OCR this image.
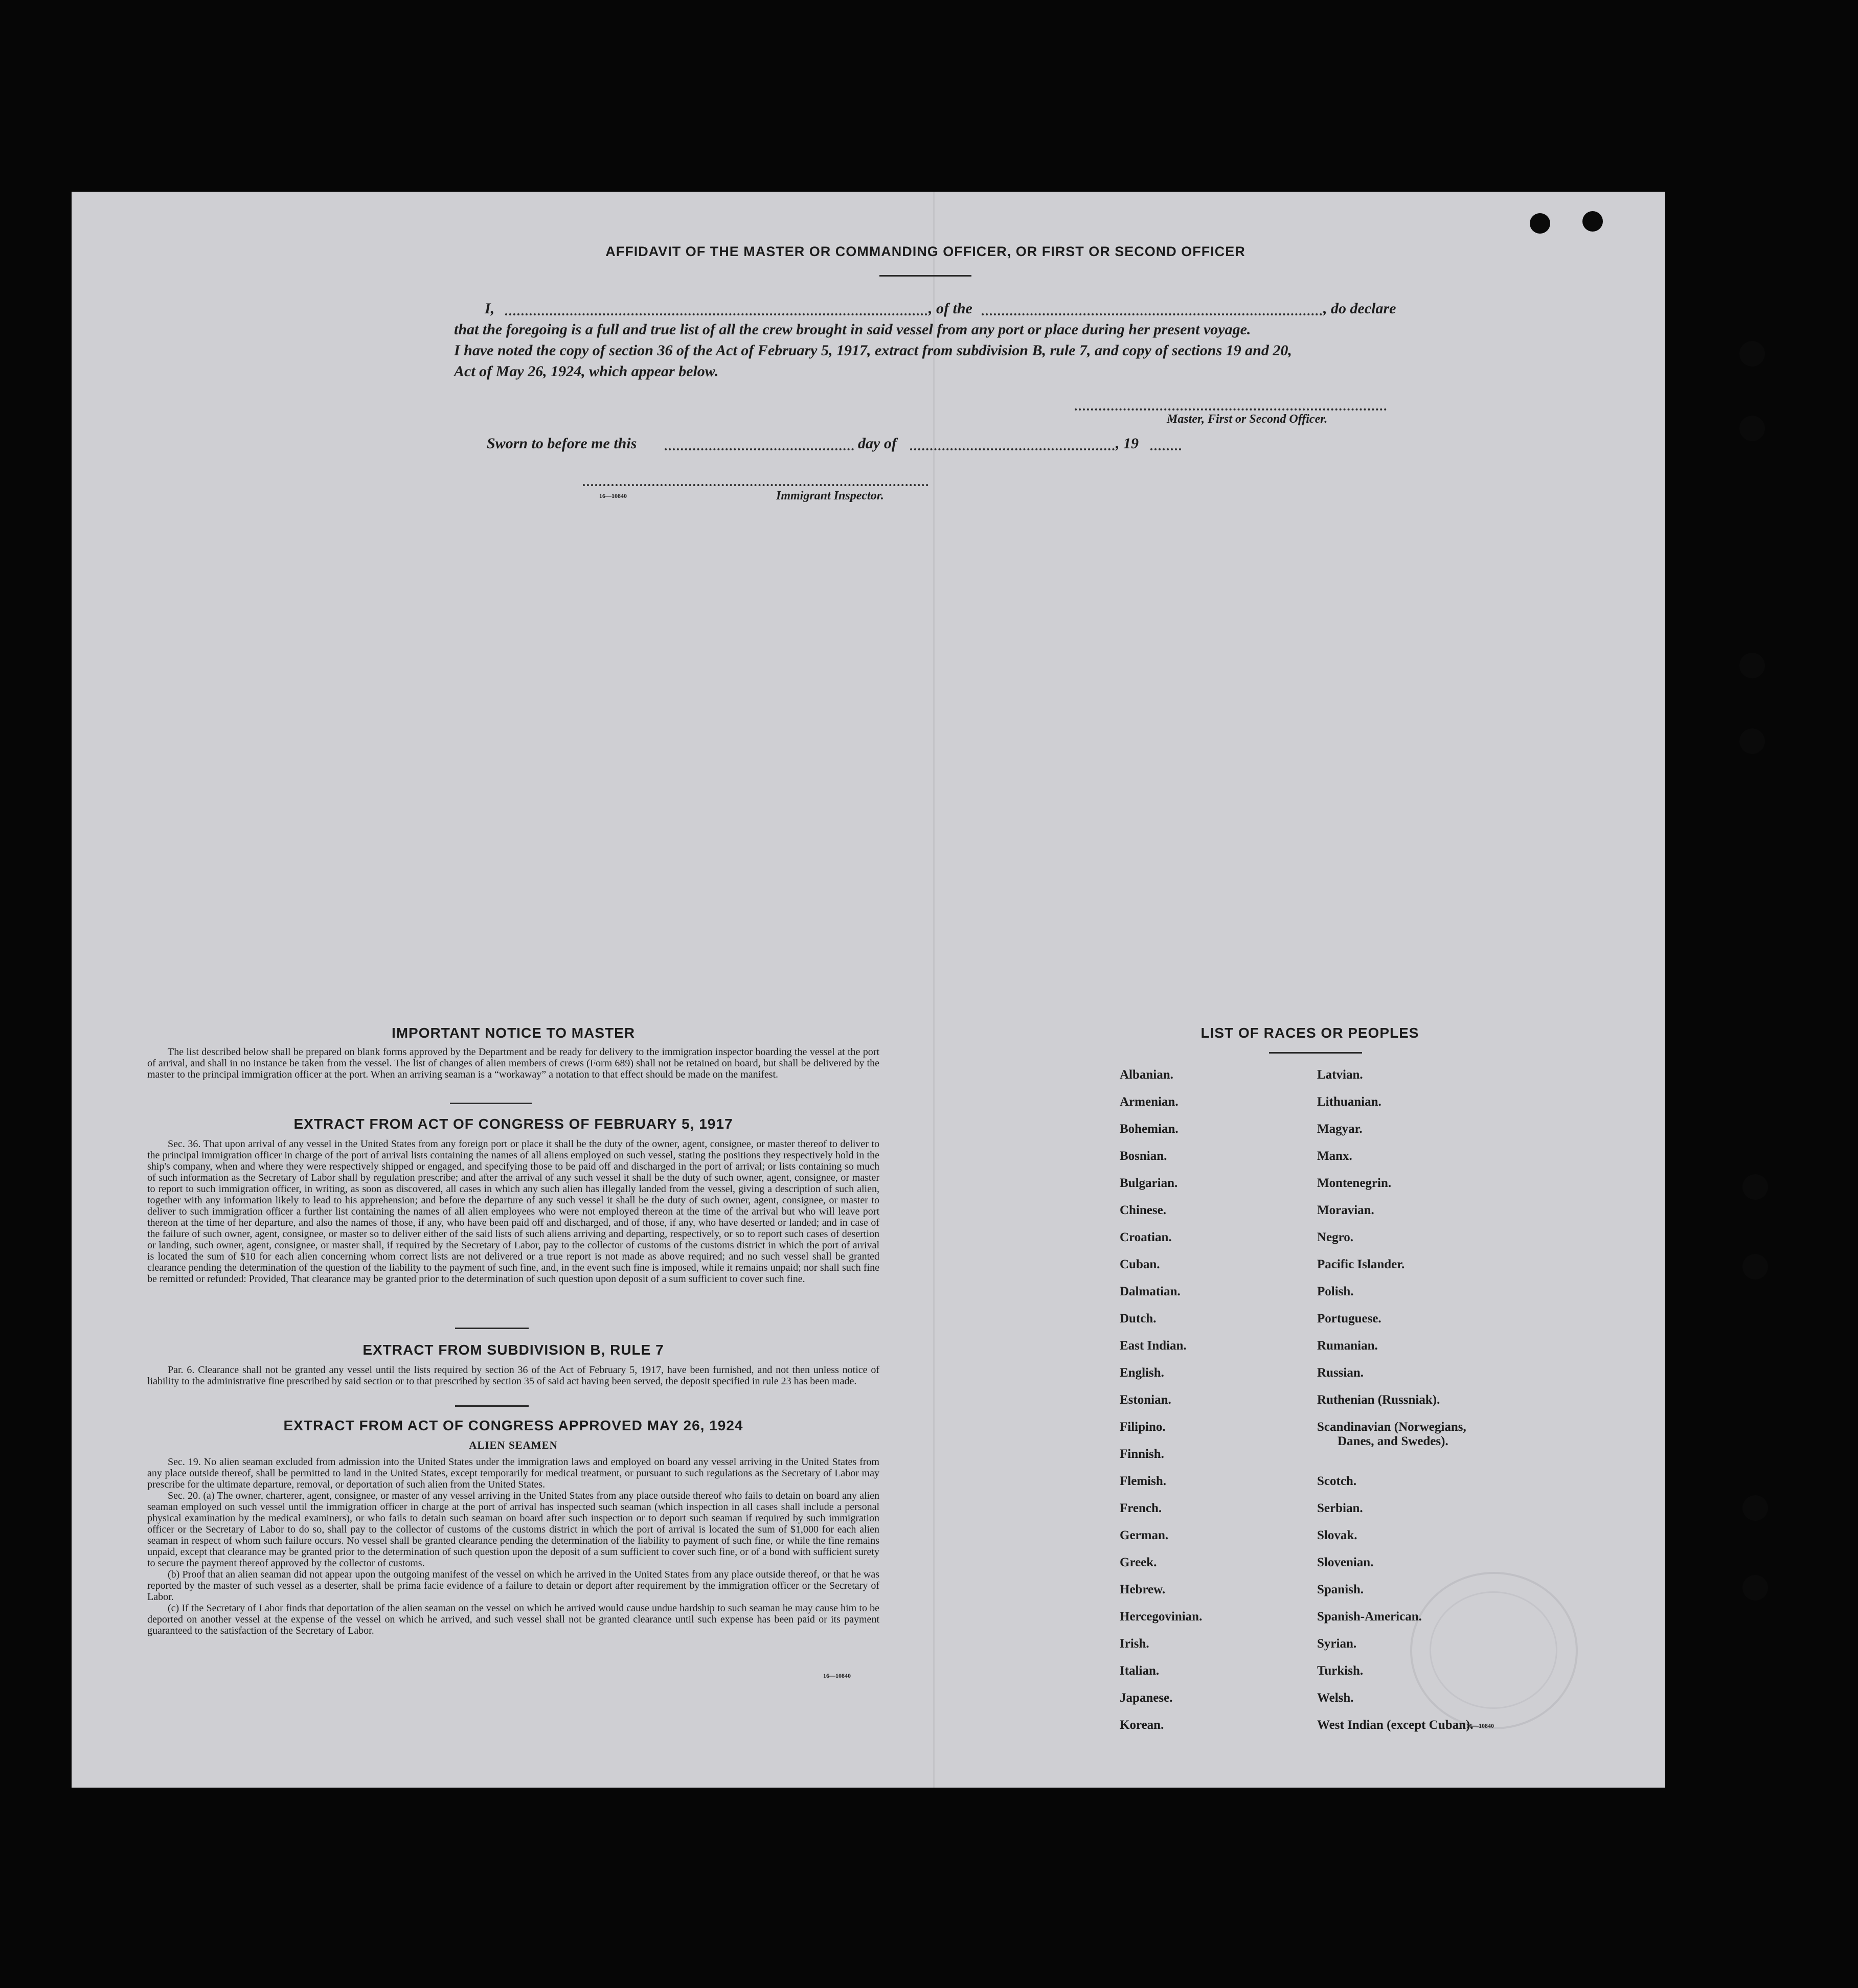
AFFIDAVIT OF THE MASTER OR COMMANDING OFFICER, OR FIRST OR SECOND OFFICER
I,	, of the	, do declare
that the foregoing is a full and true list of all the crew brought in said vessel from any port or place during her present voyage.
I have noted the copy of section 36 of the Act of February 5, 1917, extract from subdivision B, rule 7, and copy of sections 19 and 20,
Act of May 26, 1924, which appear below.
Master, First or Second Officer.
Sworn to before me this	day of	, 19
16—10840	Immigrant Inspector.
IMPORTANT NOTICE TO MASTER

The list described below shall be prepared on blank forms approved by the Department and be ready for delivery to the immigration inspector boarding the vessel at the port of arrival, and shall in no instance be taken from the vessel. The list of changes of alien members of crews (Form 689) shall not be retained on board, but shall be delivered by the master to the principal immigration officer at the port. When an arriving seaman is a “workaway” a notation to that effect should be made on the manifest.

EXTRACT FROM ACT OF CONGRESS OF FEBRUARY 5, 1917

Sec. 36. That upon arrival of any vessel in the United States from any foreign port or place it shall be the duty of the owner, agent, consignee, or master thereof to deliver to the principal immigration officer in charge of the port of arrival lists containing the names of all aliens employed on such vessel, stating the positions they respectively hold in the ship's company, when and where they were respectively shipped or engaged, and specifying those to be paid off and discharged in the port of arrival; or lists containing so much of such information as the Secretary of Labor shall by regulation prescribe; and after the arrival of any such vessel it shall be the duty of such owner, agent, consignee, or master to report to such immigration officer, in writing, as soon as discovered, all cases in which any such alien has illegally landed from the vessel, giving a description of such alien, together with any information likely to lead to his apprehension; and before the departure of any such vessel it shall be the duty of such owner, agent, consignee, or master to deliver to such immigration officer a further list containing the names of all alien employees who were not employed thereon at the time of the arrival but who will leave port thereon at the time of her departure, and also the names of those, if any, who have been paid off and discharged, and of those, if any, who have deserted or landed; and in case of the failure of such owner, agent, consignee, or master so to deliver either of the said lists of such aliens arriving and departing, respectively, or so to report such cases of desertion or landing, such owner, agent, consignee, or master shall, if required by the Secretary of Labor, pay to the collector of customs of the customs district in which the port of arrival is located the sum of $10 for each alien concerning whom correct lists are not delivered or a true report is not made as above required; and no such vessel shall be granted clearance pending the determination of the question of the liability to the payment of such fine, and, in the event such fine is imposed, while it remains unpaid; nor shall such fine be remitted or refunded: Provided, That clearance may be granted prior to the determination of such question upon deposit of a sum sufficient to cover such fine.

EXTRACT FROM SUBDIVISION B, RULE 7

Par. 6. Clearance shall not be granted any vessel until the lists required by section 36 of the Act of February 5, 1917, have been furnished, and not then unless notice of liability to the administrative fine prescribed by said section or to that prescribed by section 35 of said act having been served, the deposit specified in rule 23 has been made.

EXTRACT FROM ACT OF CONGRESS APPROVED MAY 26, 1924
ALIEN SEAMEN

Sec. 19. No alien seaman excluded from admission into the United States under the immigration laws and employed on board any vessel arriving in the United States from any place outside thereof, shall be permitted to land in the United States, except temporarily for medical treatment, or pursuant to such regulations as the Secretary of Labor may prescribe for the ultimate departure, removal, or deportation of such alien from the United States.

Sec. 20. (a) The owner, charterer, agent, consignee, or master of any vessel arriving in the United States from any place outside thereof who fails to detain on board any alien seaman employed on such vessel until the immigration officer in charge at the port of arrival has inspected such seaman (which inspection in all cases shall include a personal physical examination by the medical examiners), or who fails to detain such seaman on board after such inspection or to deport such seaman if required by such immigration officer or the Secretary of Labor to do so, shall pay to the collector of customs of the customs district in which the port of arrival is located the sum of $1,000 for each alien seaman in respect of whom such failure occurs. No vessel shall be granted clearance pending the determination of the liability to payment of such fine, or while the fine remains unpaid, except that clearance may be granted prior to the determination of such question upon the deposit of a sum sufficient to cover such fine, or of a bond with sufficient surety to secure the payment thereof approved by the collector of customs.

(b) Proof that an alien seaman did not appear upon the outgoing manifest of the vessel on which he arrived in the United States from any place outside thereof, or that he was reported by the master of such vessel as a deserter, shall be prima facie evidence of a failure to detain or deport after requirement by the immigration officer or the Secretary of Labor.

(c) If the Secretary of Labor finds that deportation of the alien seaman on the vessel on which he arrived would cause undue hardship to such seaman he may cause him to be deported on another vessel at the expense of the vessel on which he arrived, and such vessel shall not be granted clearance until such expense has been paid or its payment guaranteed to the satisfaction of the Secretary of Labor.

16—10840
LIST OF RACES OR PEOPLES
Albanian.
Armenian.
Bohemian.
Bosnian.
Bulgarian.
Chinese.
Croatian.
Cuban.
Dalmatian.
Dutch.
East Indian.
English.
Estonian.
Filipino.
Finnish.
Flemish.
French.
German.
Greek.
Hebrew.
Hercegovinian.
Irish.
Italian.
Japanese.
Korean.
Latvian.
Lithuanian.
Magyar.
Manx.
Montenegrin.
Moravian.
Negro.
Pacific Islander.
Polish.
Portuguese.
Rumanian.
Russian.
Ruthenian (Russniak).
Scandinavian (Norwegians,
Danes, and Swedes).
Scotch.
Serbian.
Slovak.
Slovenian.
Spanish.
Spanish-American.
Syrian.
Turkish.
Welsh.
West Indian (except Cuban).
16—10840
